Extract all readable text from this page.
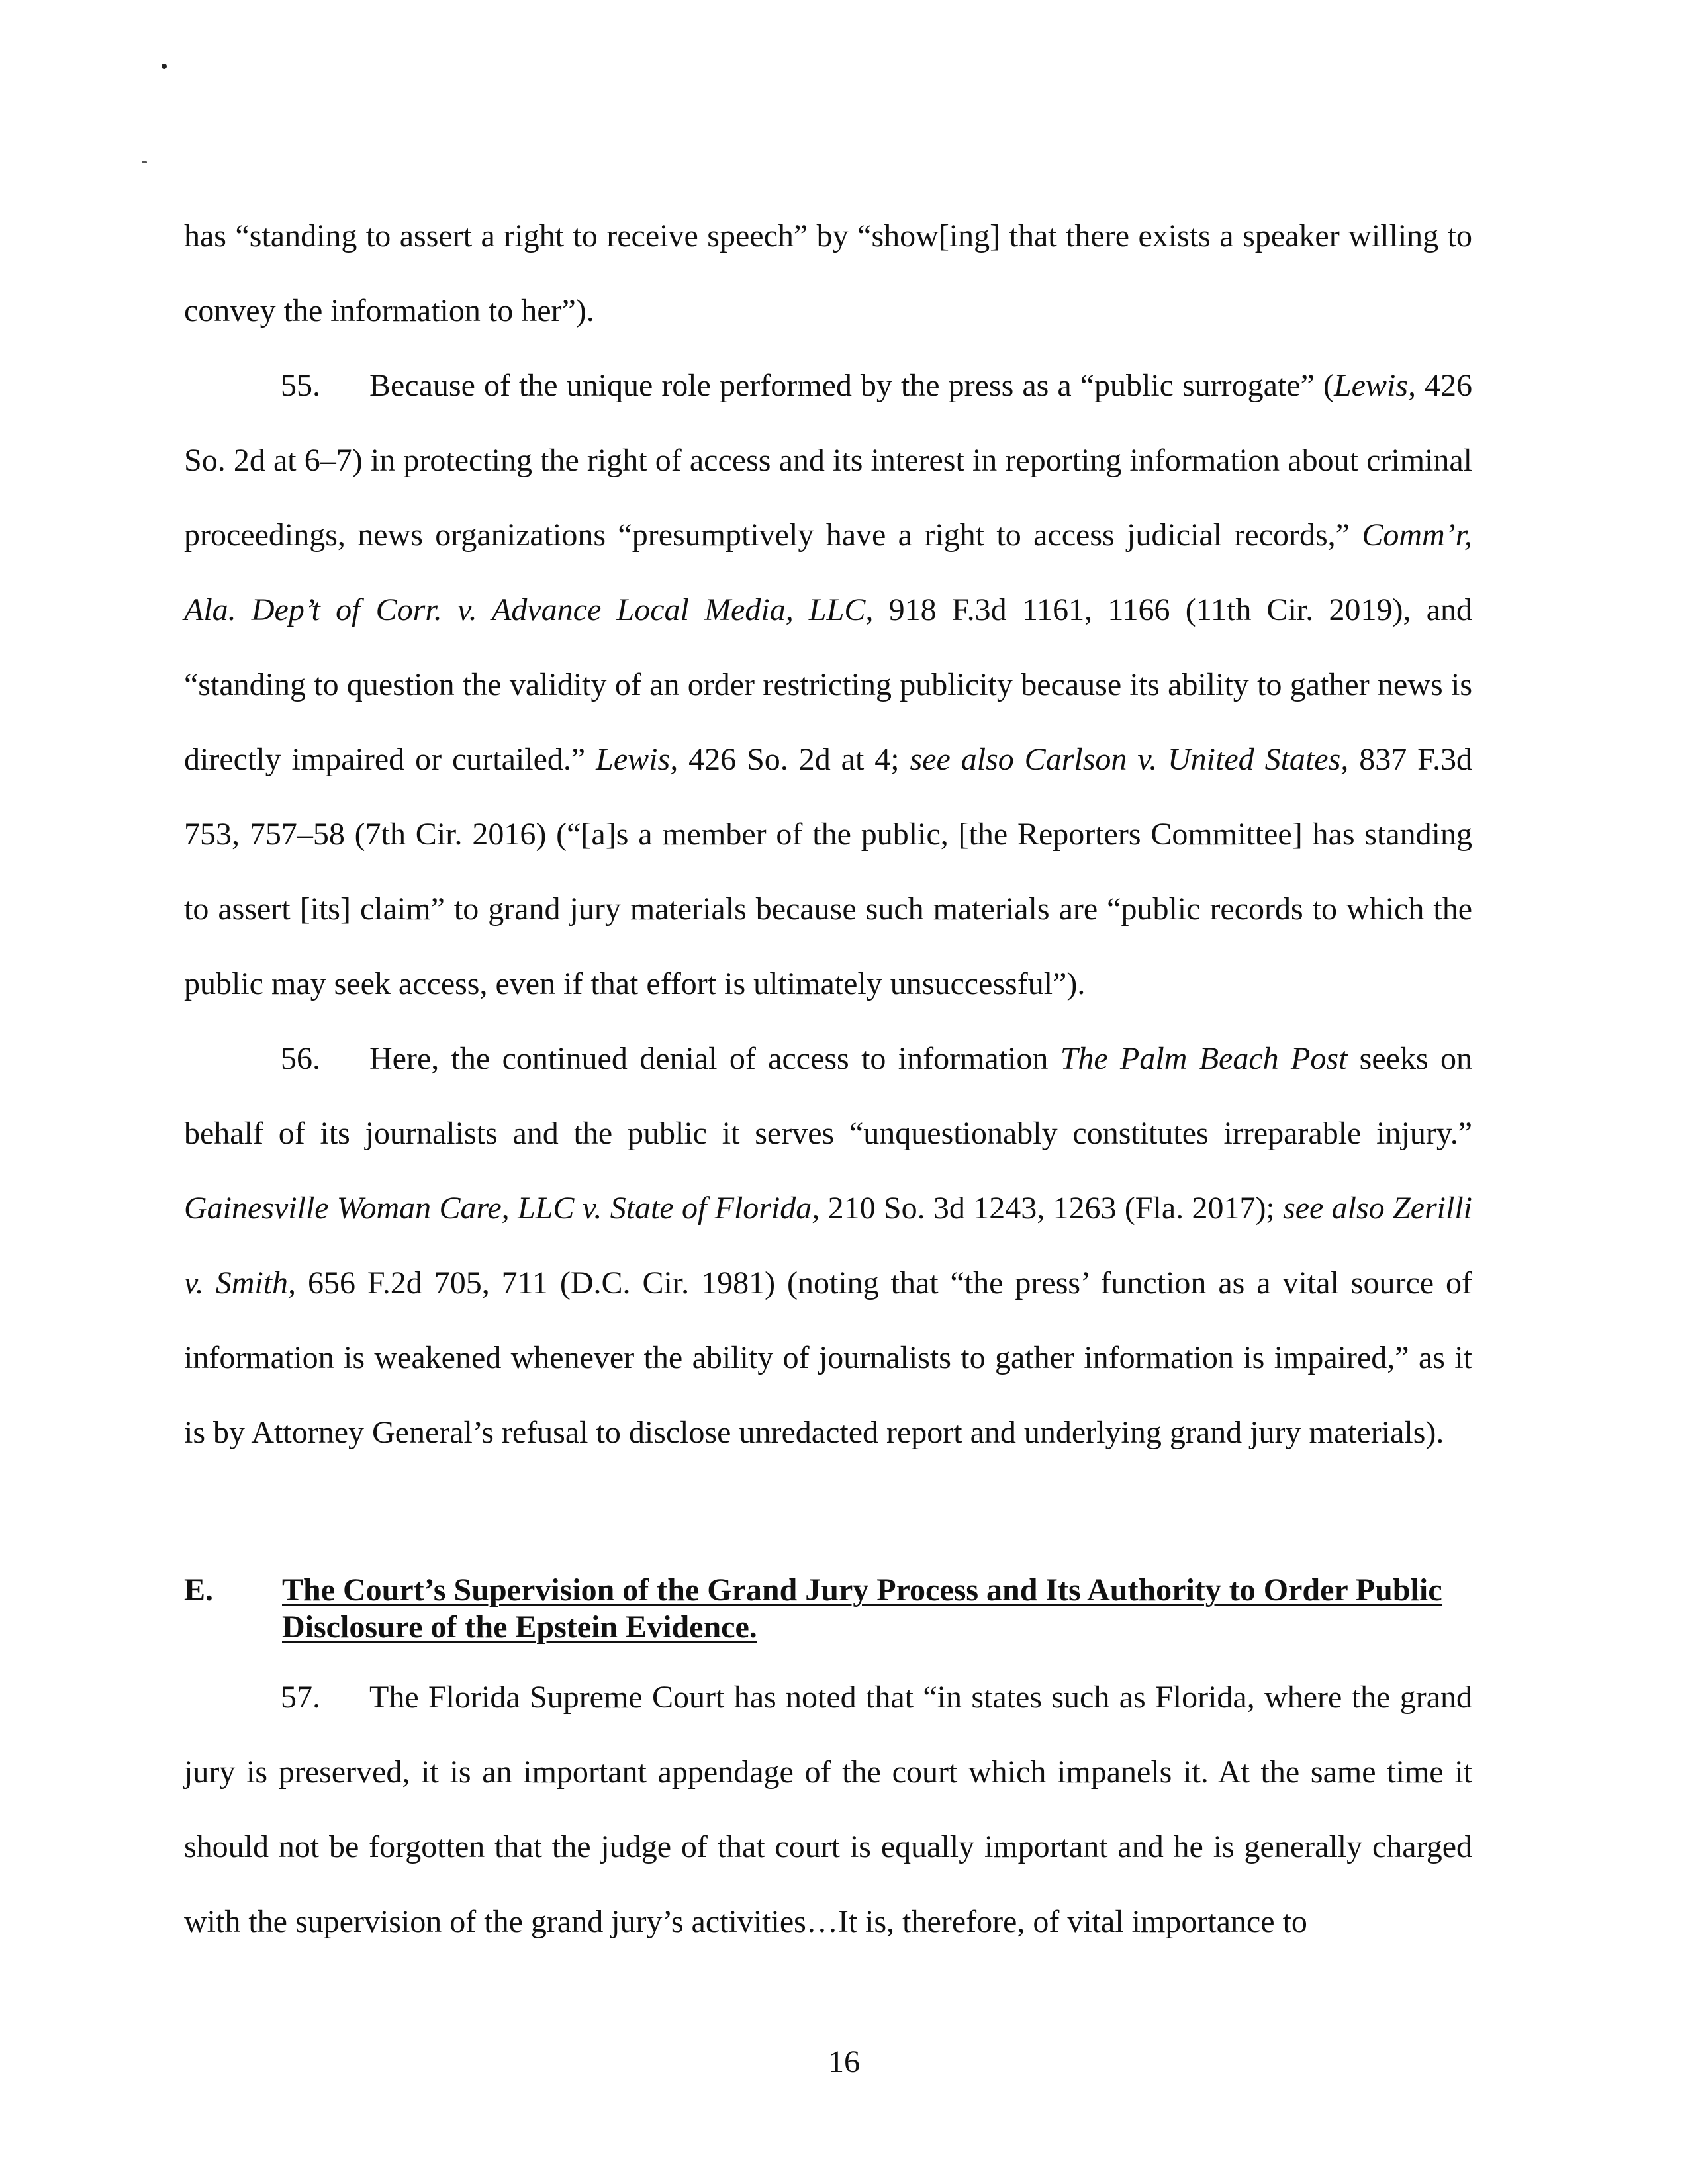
has “standing to assert a right to receive speech” by “show[ing] that there exists a speaker willing to convey the information to her”).

55. Because of the unique role performed by the press as a “public surrogate” (Lewis, 426 So. 2d at 6–7) in protecting the right of access and its interest in reporting information about criminal proceedings, news organizations “presumptively have a right to access judicial records,” Comm’r, Ala. Dep’t of Corr. v. Advance Local Media, LLC, 918 F.3d 1161, 1166 (11th Cir. 2019), and “standing to question the validity of an order restricting publicity because its ability to gather news is directly impaired or curtailed.” Lewis, 426 So. 2d at 4; see also Carlson v. United States, 837 F.3d 753, 757–58 (7th Cir. 2016) (“[a]s a member of the public, [the Reporters Committee] has standing to assert [its] claim” to grand jury materials because such materials are “public records to which the public may seek access, even if that effort is ultimately unsuccessful”).

56. Here, the continued denial of access to information The Palm Beach Post seeks on behalf of its journalists and the public it serves “unquestionably constitutes irreparable injury.” Gainesville Woman Care, LLC v. State of Florida, 210 So. 3d 1243, 1263 (Fla. 2017); see also Zerilli v. Smith, 656 F.2d 705, 711 (D.C. Cir. 1981) (noting that “the press’ function as a vital source of information is weakened whenever the ability of journalists to gather information is impaired,” as it is by Attorney General’s refusal to disclose unredacted report and underlying grand jury materials).

E. The Court’s Supervision of the Grand Jury Process and Its Authority to Order Public Disclosure of the Epstein Evidence.

57. The Florida Supreme Court has noted that “in states such as Florida, where the grand jury is preserved, it is an important appendage of the court which impanels it. At the same time it should not be forgotten that the judge of that court is equally important and he is generally charged with the supervision of the grand jury’s activities…It is, therefore, of vital importance to

16
